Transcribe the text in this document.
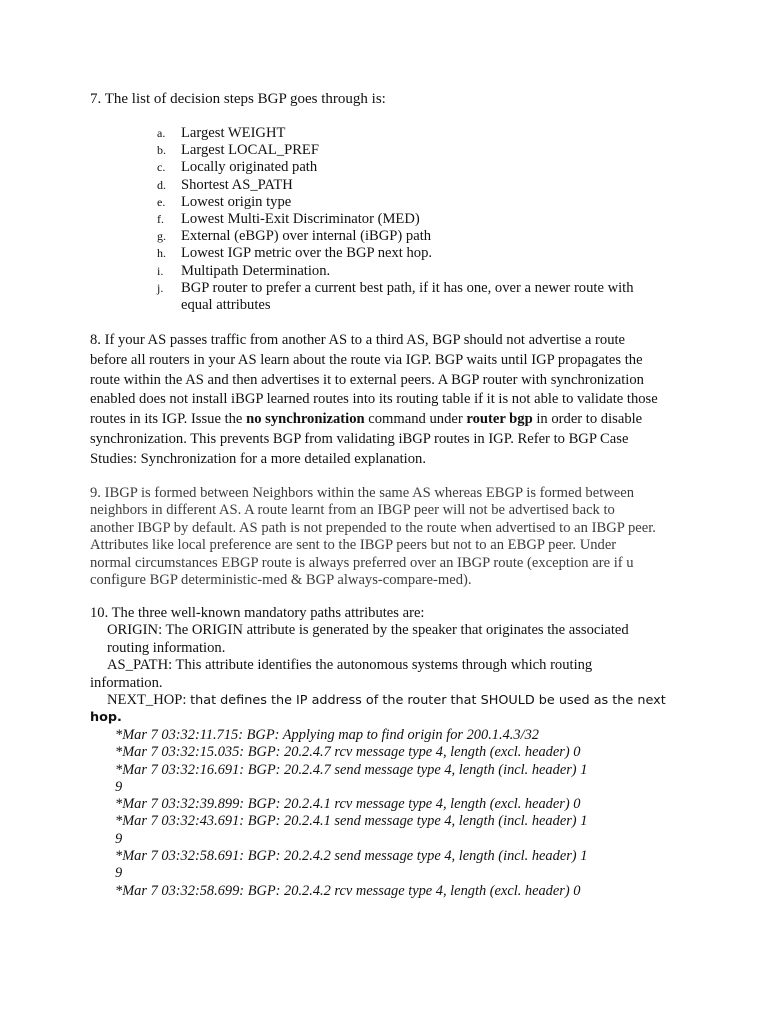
7. The list of decision steps BGP goes through is:
a. Largest WEIGHT
b. Largest LOCAL_PREF
c. Locally originated path
d. Shortest AS_PATH
e. Lowest origin type
f. Lowest Multi-Exit Discriminator (MED)
g. External (eBGP) over internal (iBGP) path
h. Lowest IGP metric over the BGP next hop.
i. Multipath Determination.
j. BGP router to prefer a current best path, if it has one, over a newer route with
equal attributes
8. If your AS passes traffic from another AS to a third AS, BGP should not advertise a route
before all routers in your AS learn about the route via IGP. BGP waits until IGP propagates the
route within the AS and then advertises it to external peers. A BGP router with synchronization
enabled does not install iBGP learned routes into its routing table if it is not able to validate those
routes in its IGP. Issue the no synchronization command under router bgp in order to disable
synchronization. This prevents BGP from validating iBGP routes in IGP. Refer to BGP Case
Studies: Synchronization for a more detailed explanation.
9. IBGP is formed between Neighbors within the same AS whereas EBGP is formed between
neighbors in different AS. A route learnt from an IBGP peer will not be advertised back to
another IBGP by default. AS path is not prepended to the route when advertised to an IBGP peer.
Attributes like local preference are sent to the IBGP peers but not to an EBGP peer. Under
normal circumstances EBGP route is always preferred over an IBGP route (exception are if u
configure BGP deterministic-med & BGP always-compare-med).
10. The three well-known mandatory paths attributes are:
ORIGIN: The ORIGIN attribute is generated by the speaker that originates the associated
routing information.
AS_PATH: This attribute identifies the autonomous systems through which routing
information.
NEXT_HOP: that defines the IP address of the router that SHOULD be used as the next
hop.
*Mar 7 03:32:11.715: BGP: Applying map to find origin for 200.1.4.3/32
*Mar 7 03:32:15.035: BGP: 20.2.4.7 rcv message type 4, length (excl. header) 0
*Mar 7 03:32:16.691: BGP: 20.2.4.7 send message type 4, length (incl. header) 1
9
*Mar 7 03:32:39.899: BGP: 20.2.4.1 rcv message type 4, length (excl. header) 0
*Mar 7 03:32:43.691: BGP: 20.2.4.1 send message type 4, length (incl. header) 1
9
*Mar 7 03:32:58.691: BGP: 20.2.4.2 send message type 4, length (incl. header) 1
9
*Mar 7 03:32:58.699: BGP: 20.2.4.2 rcv message type 4, length (excl. header) 0
